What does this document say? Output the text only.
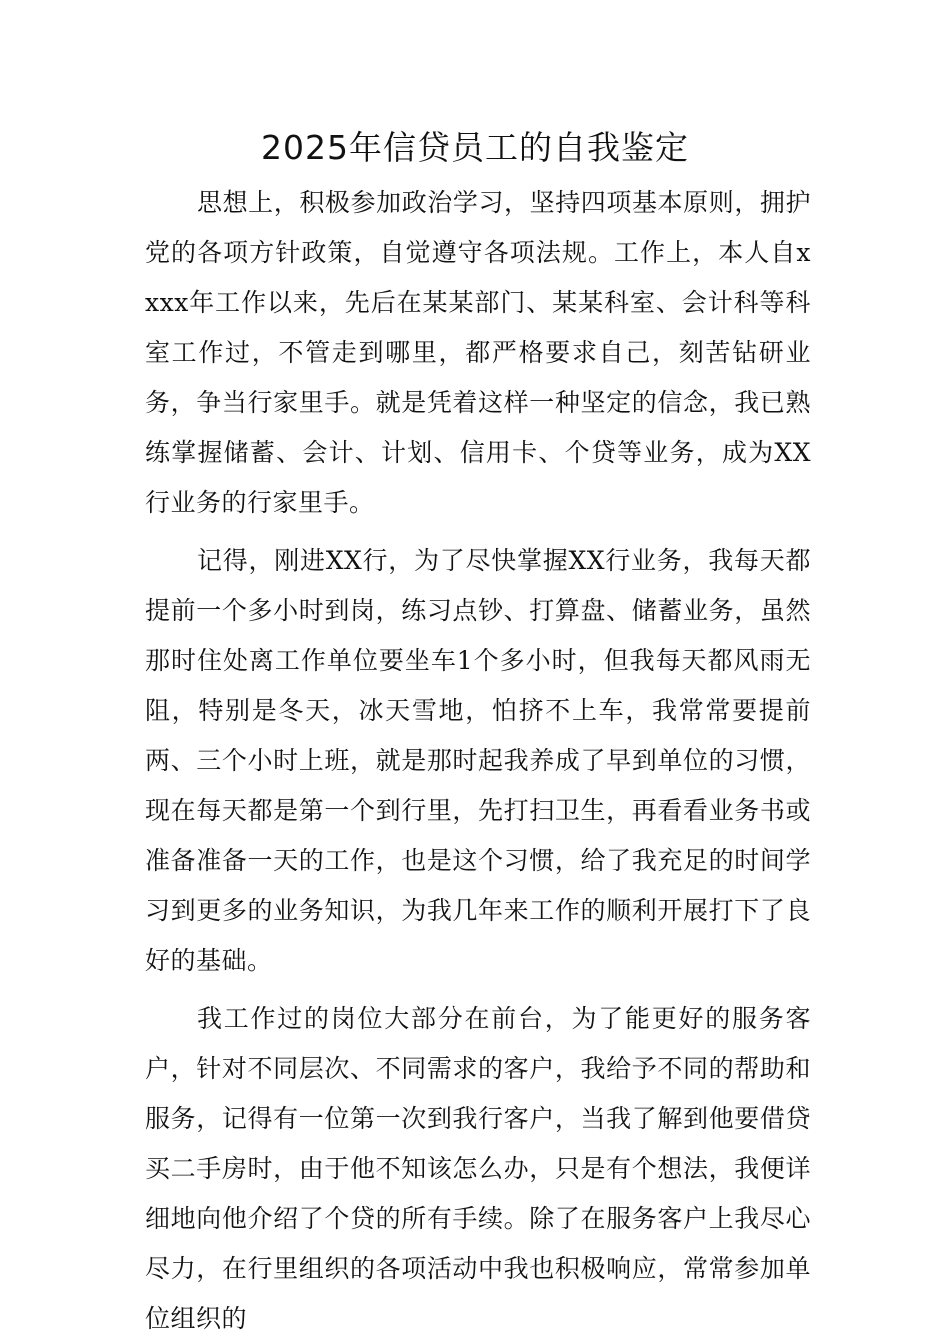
2025年信贷员工的自我鉴定

思想上，积极参加政治学习，坚持四项基本原则，拥护党的各项方针政策，自觉遵守各项法规。工作上，本人自xxxx年工作以来，先后在某某部门、某某科室、会计科等科室工作过，不管走到哪里，都严格要求自己，刻苦钻研业务，争当行家里手。就是凭着这样一种坚定的信念，我已熟练掌握储蓄、会计、计划、信用卡、个贷等业务，成为XX行业务的行家里手。

记得，刚进XX行，为了尽快掌握XX行业务，我每天都提前一个多小时到岗，练习点钞、打算盘、储蓄业务，虽然那时住处离工作单位要坐车1个多小时，但我每天都风雨无阻，特别是冬天，冰天雪地，怕挤不上车，我常常要提前两、三个小时上班，就是那时起我养成了早到单位的习惯，现在每天都是第一个到行里，先打扫卫生，再看看业务书或准备准备一天的工作，也是这个习惯，给了我充足的时间学习到更多的业务知识，为我几年来工作的顺利开展打下了良好的基础。

我工作过的岗位大部分在前台，为了能更好的服务客户，针对不同层次、不同需求的客户，我给予不同的帮助和服务，记得有一位第一次到我行客户，当我了解到他要借贷买二手房时，由于他不知该怎么办，只是有个想法，我便详细地向他介绍了个贷的所有手续。除了在服务客户上我尽心尽力，在行里组织的各项活动中我也积极响应，常常参加单位组织的
